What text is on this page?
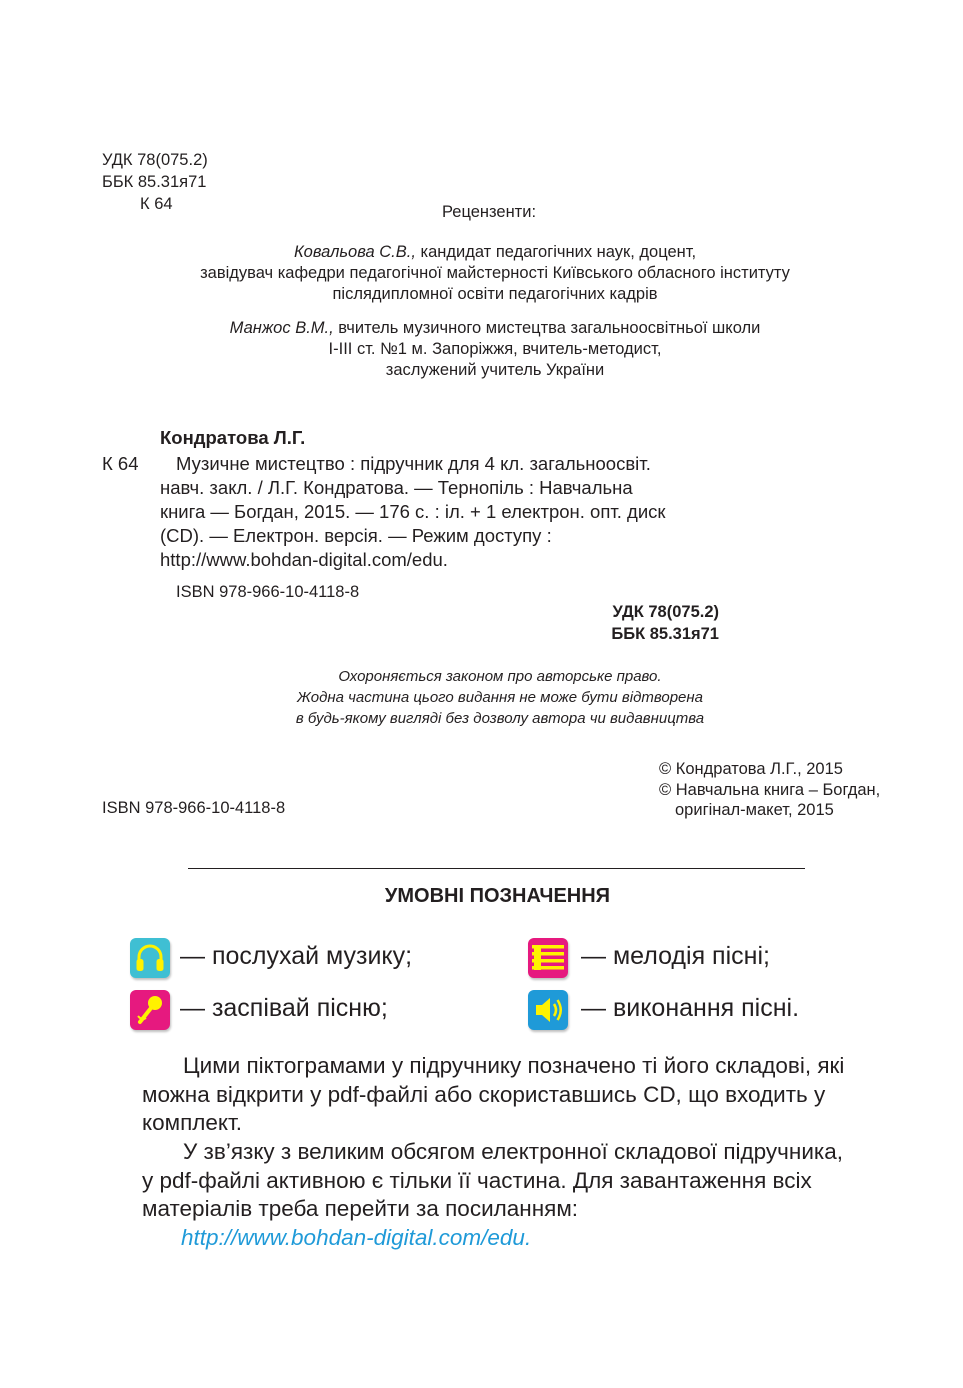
УДК 78(075.2)
ББК 85.31я71
К 64	Рецензенти:
Ковальова С.В., кандидат педагогічних наук, доцент,
завідувач кафедри педагогічної майстерності Київського обласного інституту
післядипломної освіти педагогічних кадрів
Манжос В.М., вчитель музичного мистецтва загальноосвітньої школи
І-ІІІ ст. №1 м. Запоріжжя, вчитель-методист,
заслужений учитель України
Кондратова Л.Г.
К 64 Музичне мистецтво : підручник для 4 кл. загальноосвіт.
навч. закл. / Л.Г. Кондратова. — Тернопіль : Навчальна
книга — Богдан, 2015. — 176 с. : іл. + 1 електрон. опт. диск
(CD). — Електрон. версія. — Режим доступу :
http://www.bohdan-digital.com/edu.
ISBN 978-966-10-4118-8
УДК 78(075.2)
ББК 85.31я71
Охороняється законом про авторське право.
Жодна частина цього видання не може бути відтворена
в будь-якому вигляді без дозволу автора чи видавництва
© Кондратова Л.Г., 2015
© Навчальна книга – Богдан,
оригінал-макет, 2015
ISBN 978-966-10-4118-8
УМОВНІ ПОЗНАЧЕННЯ
— послухай музику;	— мелодія пісні;
— заспівай пісню;	— виконання пісні.
Цими піктограмами у підручнику позначено ті його складові, які
можна відкрити у pdf-файлі або скориставшись CD, що входить у
комплект.
У зв’язку з великим обсягом електронної складової підручника,
у pdf-файлі активною є тільки її частина. Для завантаження всіх
матеріалів треба перейти за посиланням:
http://www.bohdan-digital.com/edu.
